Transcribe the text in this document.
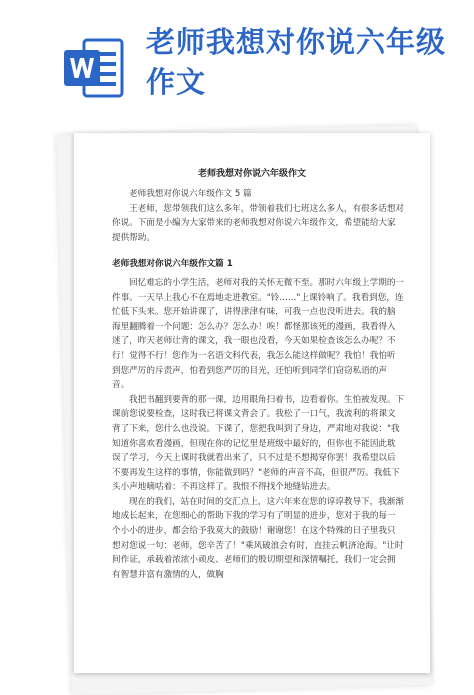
老师我想对你说六年级作文
老师我想对你说六年级作文

老师我想对你说六年级作文 5 篇

王老师，您带领我们这么多年，带领着我们七班这么多人，有很多话想对你说。下面是小编为大家带来的老师我想对你说六年级作文，希望能给大家提供帮助。

老师我想对你说六年级作文篇 1

回忆难忘的小学生活，老师对我的关怀无微不至。那时六年级上学期的一件事。一天早上我心不在焉地走进教室。"铃……"上课铃响了。我看到您，连忙低下头来。您开始讲课了，讲得津津有味，可我一点也没听进去。我的脑海里翻腾着一个问题：怎么办？怎么办！唉！都怪那该死的漫画，我看得入迷了，昨天老师让背的课文，我一眼也没看，今天如果检查该怎么办呢？不行！觉得不行！您作为一名语文科代表，我怎么能这样做呢？我怕！我怕听到您严厉的斥责声，怕看到您严厉的目光，还怕听到同学们窃窃私语的声音。

我把书翻到要背的那一课，边用眼角扫着书，边看着你。生怕被发现。下课前您说要检查，这时我已将课文背会了。我松了一口气，我流利的将课文背了下来，您什么也没说。下课了，您把我叫到了身边，严肃地对我说："我知道你喜欢看漫画，但现在你的记忆里是班级中最好的，但你也不能因此耽误了学习，今天上课时我就看出来了，只不过是不想揭穿你罢！我希望以后不要再发生这样的事情，你能做到吗？"老师的声音不高，但很严厉。我低下头小声地嘀咕着：不再这样了。我恨不得找个地缝钻进去。

现在的我们，站在时间的交汇点上，这六年来在您的谆谆教导下，我渐渐地成长起来，在您细心的帮助下我的学习有了明显的进步，您对于我的每一个小小的进步，都会给予我莫大的鼓励！谢谢您！在这个特殊的日子里我只想对您说一句：老师，您辛苦了！"乘风破浪会有时，直挂云帆济沧海。"让时间作证，承载着浓浓小顽皮、老师们的殷切期望和深情嘱托，我们一定会拥有智慧并富有激情的人，做胸
